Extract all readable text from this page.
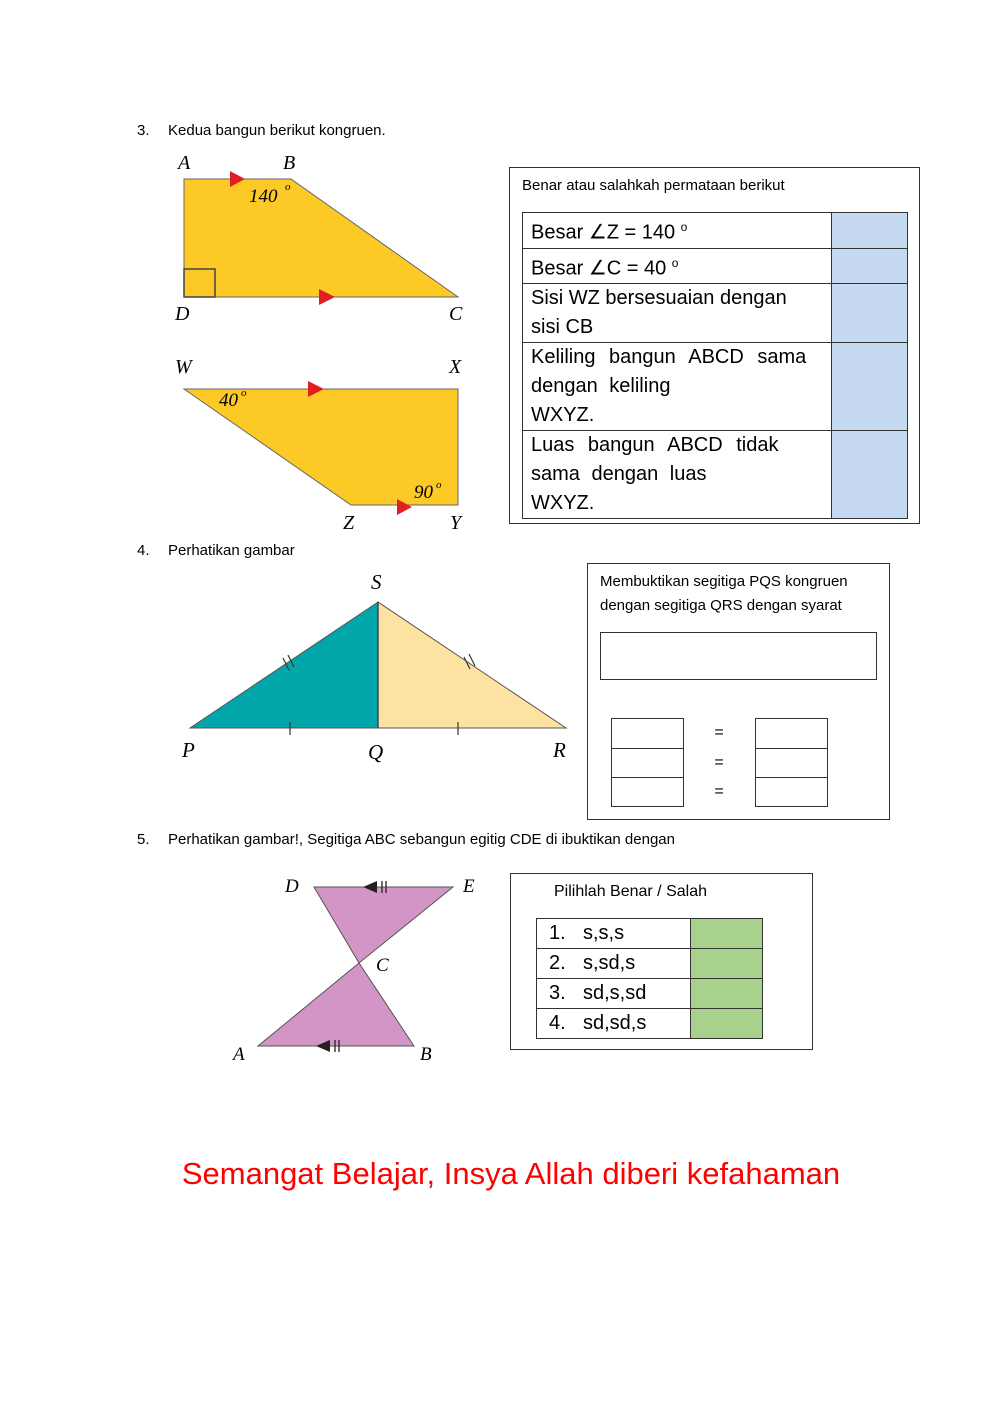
3. Kedua bangun berikut kongruen.
A	B
C
D
140 o
W	X
Z	Y
40 o
90 o
Benar atau salahkah permataan berikut
Besar ∠Z = 140 $^o$	
Besar ∠C = 40 $^o$	

Sisi WZ bersesuaian dengan
sisi CB	

Keliling bangun ABCD sama
dengan keliling
WXYZ.	

Luas bangun ABCD tidak
sama dengan luas
WXYZ.	

4. Perhatikan gambar
S
P	Q	R
Membuktikan segitiga PQS kongruen
dengan segitiga QRS dengan syarat
=
=
=
5. Perhatikan gambar!, Segitiga ABC sebangun egitig CDE di ibuktikan dengan
D	E
C
A	B
Pilihlah Benar / Salah
1. s,s,s	
2. s,sd,s	
3. sd,s,sd	
4. sd,sd,s	
Semangat Belajar, Insya Allah diberi kefahaman
